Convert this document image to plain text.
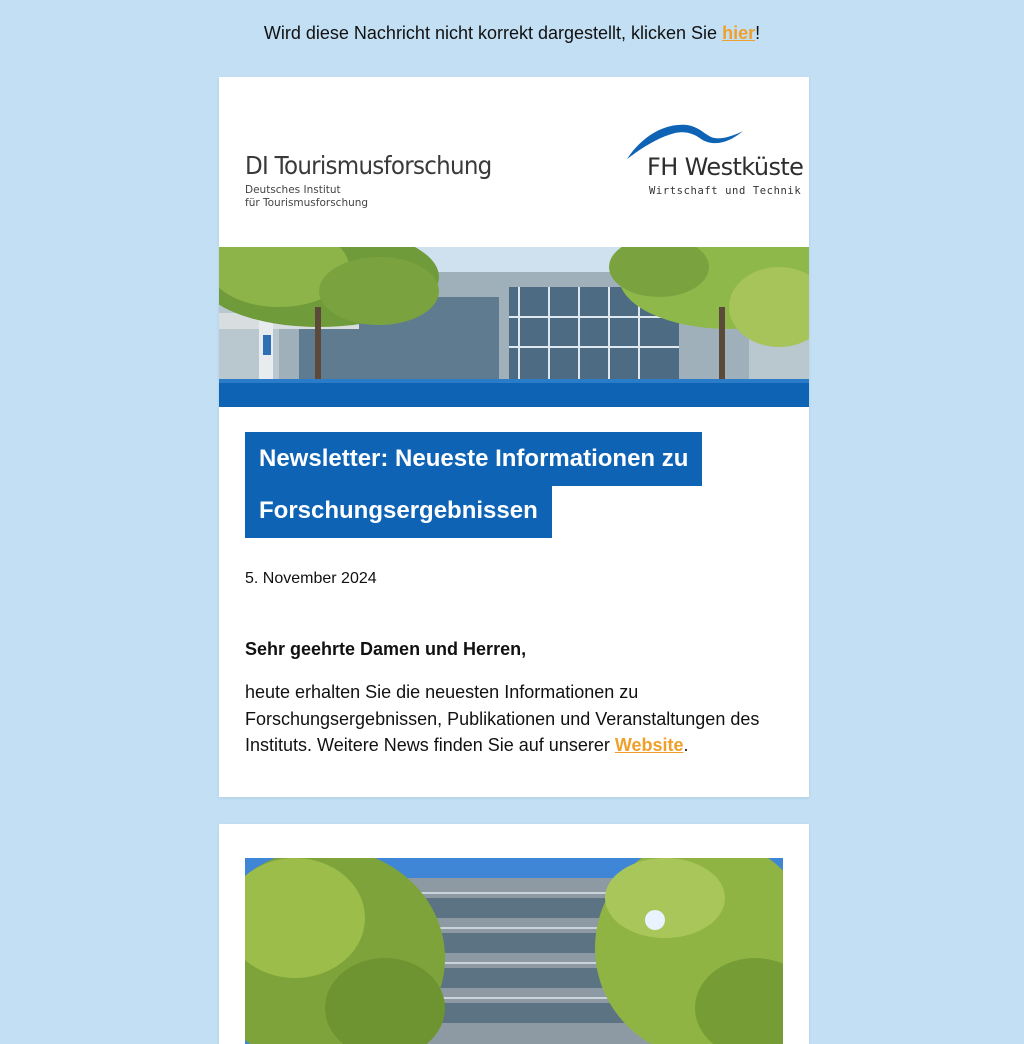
Wird diese Nachricht nicht korrekt dargestellt, klicken Sie hier!
DI Tourismusforschung
Deutsches Institut
für Tourismusforschung
FH Westküste
Wirtschaft und Technik
Newsletter: Neueste Informationen zu
Forschungsergebnissen
5. November 2024
Sehr geehrte Damen und Herren,
heute erhalten Sie die neuesten Informationen zu Forschungsergebnissen, Publikationen und Veranstaltungen des Instituts. Weitere News finden Sie auf unserer Website.
